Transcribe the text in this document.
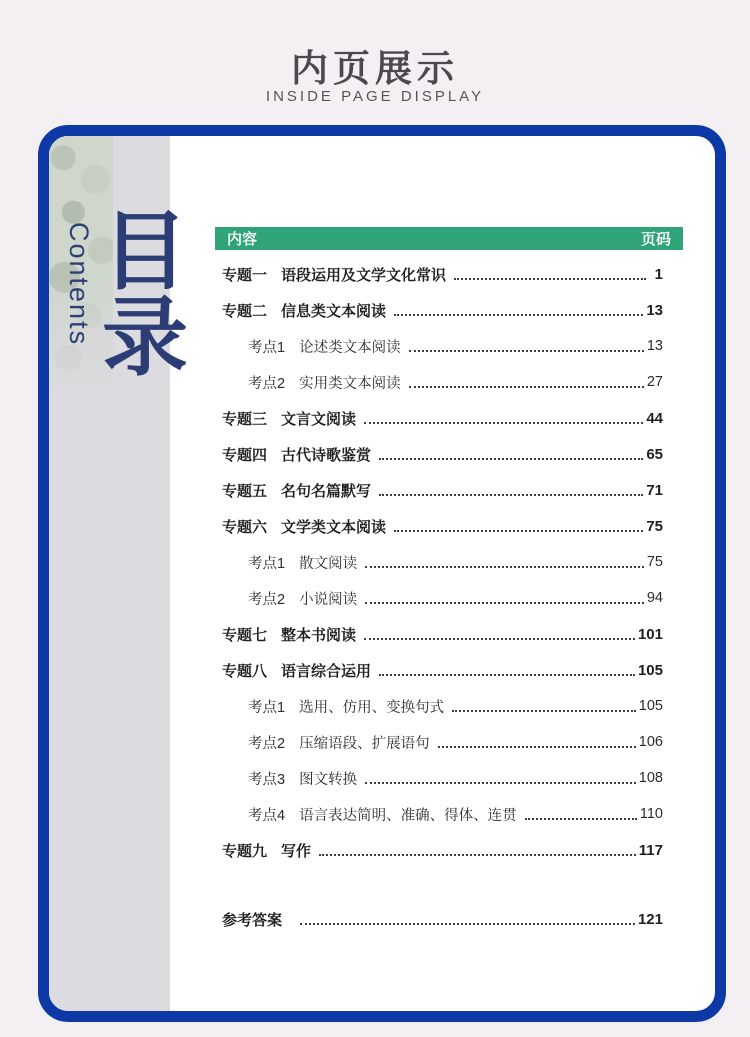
内页展示
INSIDE PAGE DISPLAY
Contents 目
录
内容	页码
专题一 语段运用及文学文化常识	1
专题二 信息类文本阅读	13
考点1 论述类文本阅读	13
考点2 实用类文本阅读	27
专题三 文言文阅读	44
专题四 古代诗歌鉴赏	65
专题五 名句名篇默写	71
专题六 文学类文本阅读	75
考点1 散文阅读	75
考点2 小说阅读	94
专题七 整本书阅读	101
专题八 语言综合运用	105
考点1 选用、仿用、变换句式	105
考点2 压缩语段、扩展语句	106
考点3 图文转换	108
考点4 语言表达简明、准确、得体、连贯	110
专题九 写作	117
参考答案	121
